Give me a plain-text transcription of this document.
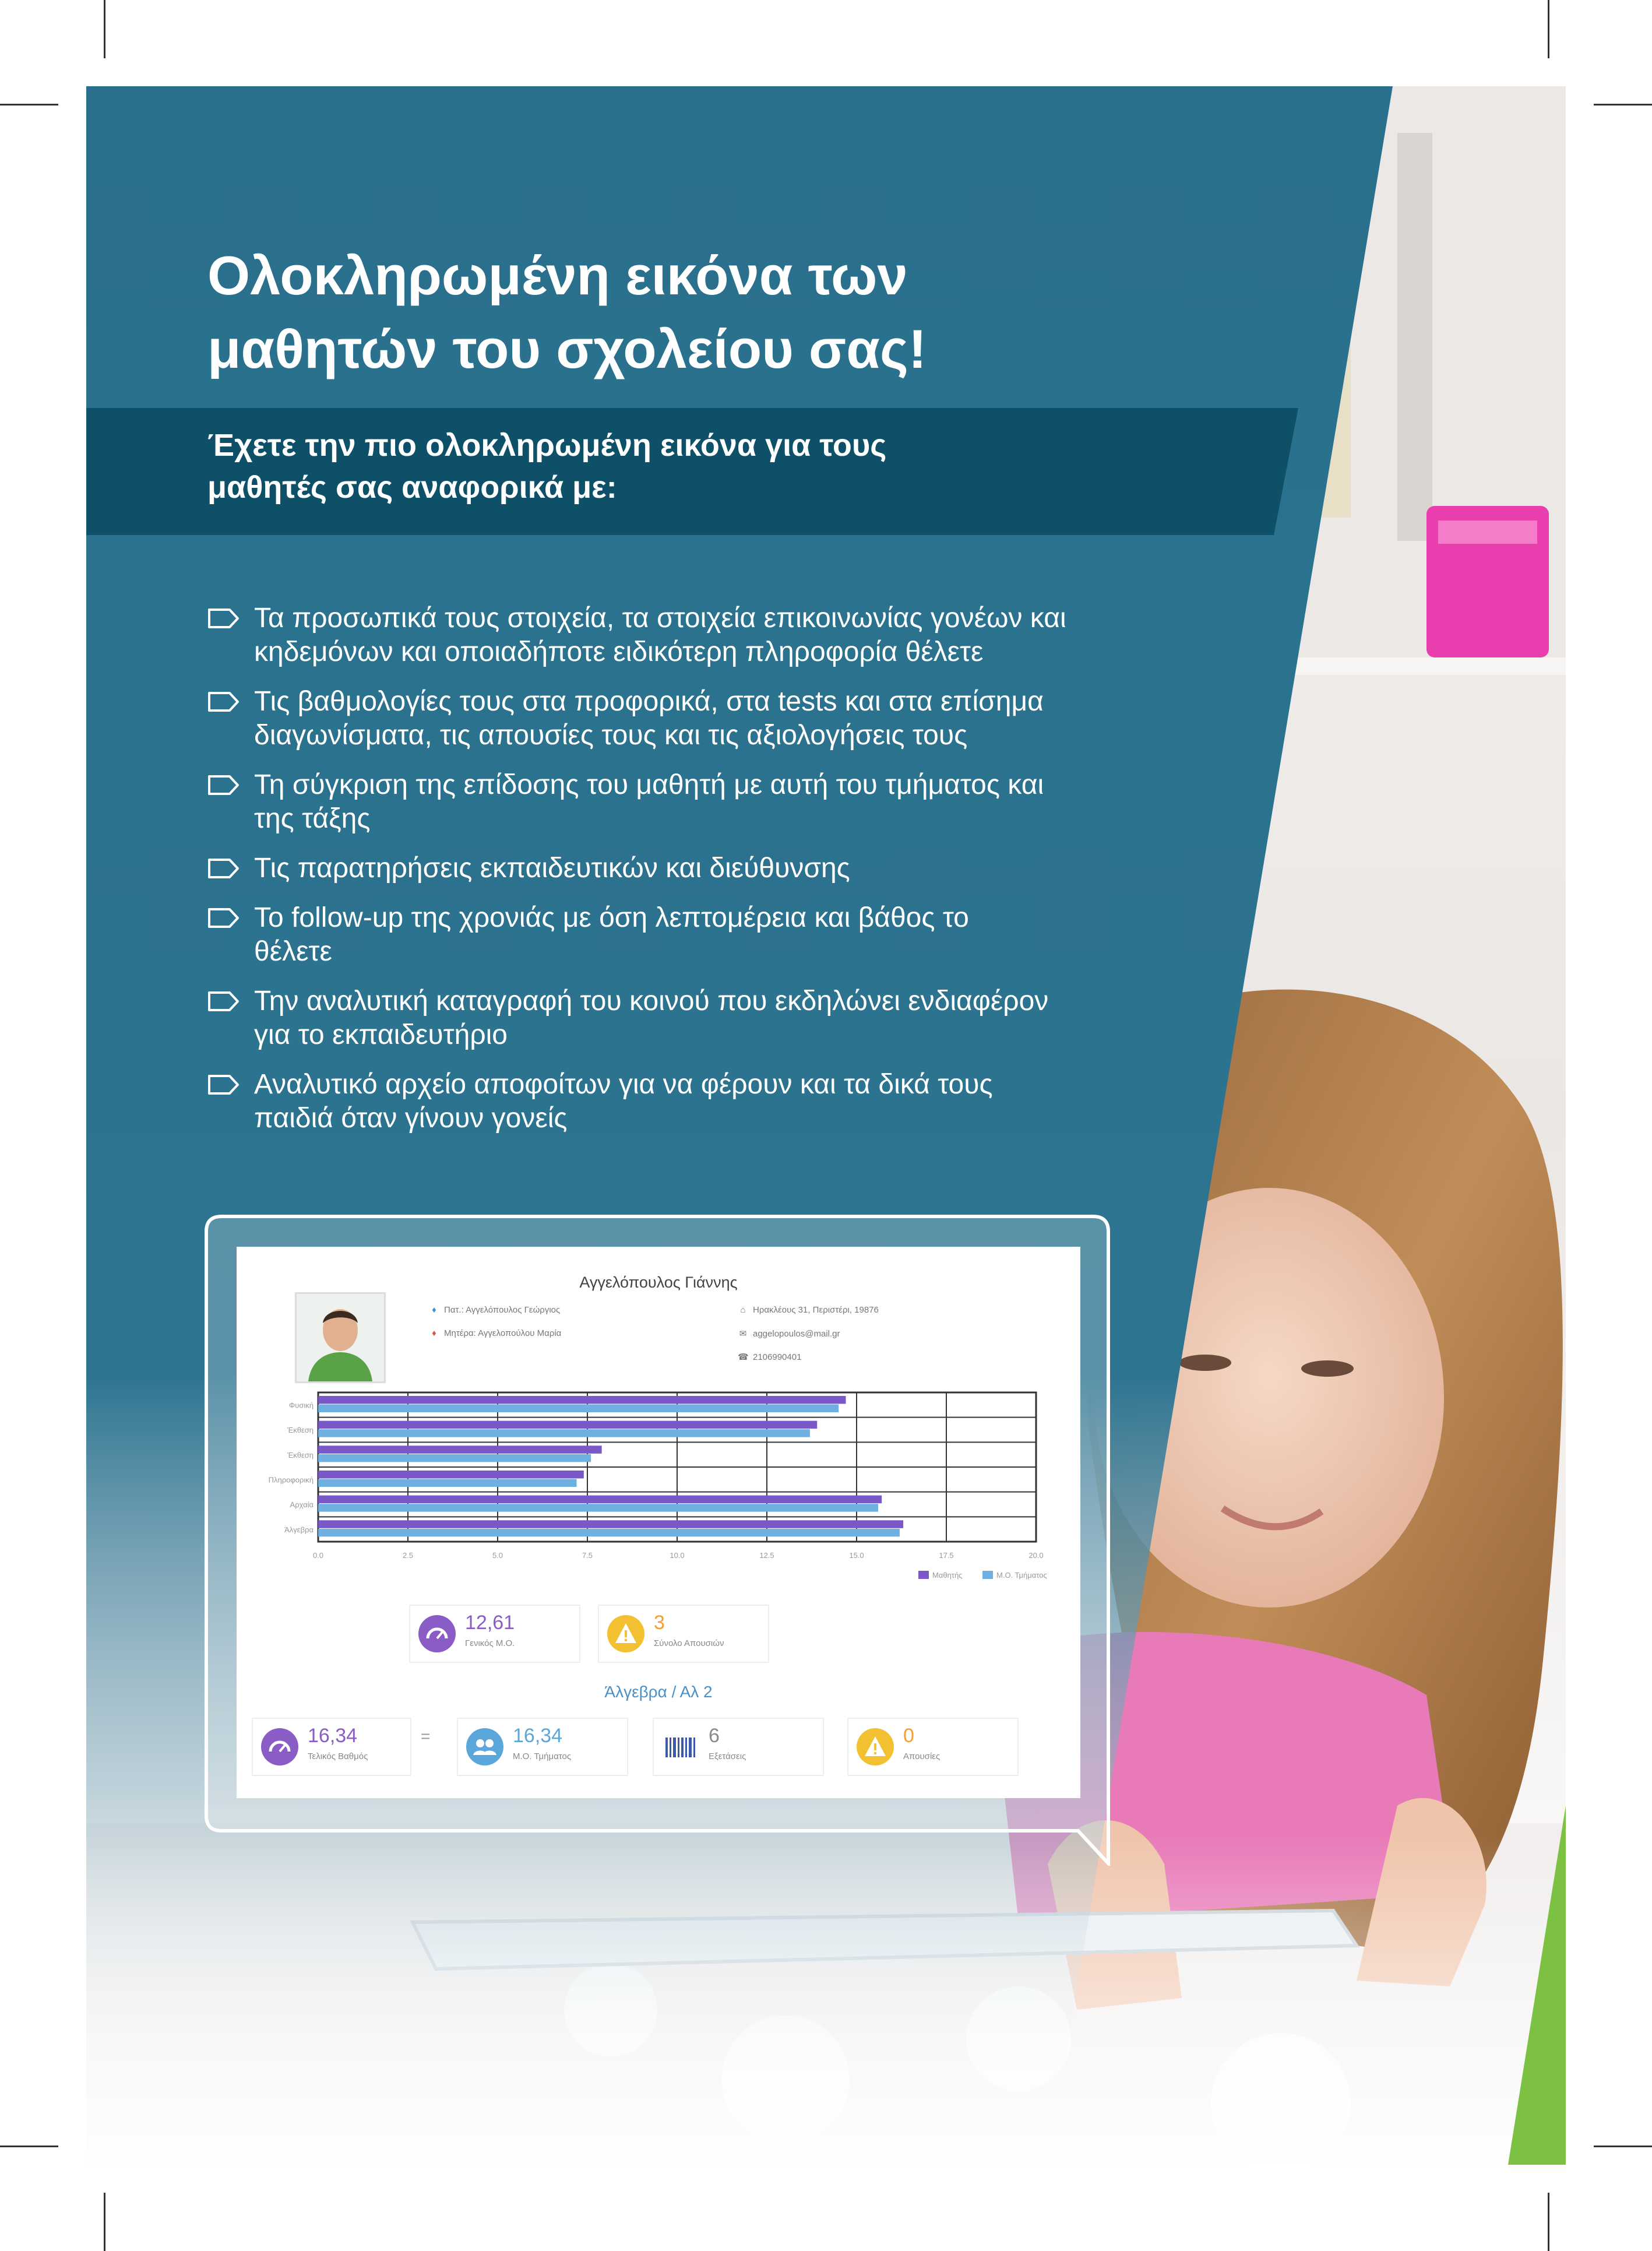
Ολοκληρωμένη εικόνα των
μαθητών του σχολείου σας!
Έχετε την πιο ολοκληρωμένη εικόνα για τους
μαθητές σας αναφορικά με:
Τα προσωπικά τους στοιχεία, τα στοιχεία επικοινωνίας γονέων και
κηδεμόνων και οποιαδήποτε ειδικότερη πληροφορία θέλετε
Τις βαθμολογίες τους στα προφορικά, στα tests και στα επίσημα
διαγωνίσματα, τις απουσίες τους και τις αξιολογήσεις τους
Τη σύγκριση της επίδοσης του μαθητή με αυτή του τμήματος και
της τάξης
Τις παρατηρήσεις εκπαιδευτικών και διεύθυνσης
Το follow-up της χρονιάς με όση λεπτομέρεια και βάθος το
θέλετε
Την αναλυτική καταγραφή του κοινού που εκδηλώνει ενδιαφέρον
για το εκπαιδευτήριο
Αναλυτικό αρχείο αποφοίτων για να φέρουν και τα δικά τους
παιδιά όταν γίνουν γονείς
Αγγελόπουλος Γιάννης
♦ Πατ.: Αγγελόπουλος Γεώργιος
♦ Μητέρα: Αγγελοπούλου Μαρία
⌂ Ηρακλέους 31, Περιστέρι, 19876
✉ aggelopoulos@mail.gr
☎ 2106990401
0.0	2.5	5.0	7.5	10.0	12.5	15.0	17.5	20.0
Φυσική
Έκθεση
Έκθεση
Πληροφορική
Αρχαία
Άλγεβρα
Μαθητής	Μ.Ο. Τμήματος
12,61
Γενικός Μ.Ο.
3
Σύνολο Απουσιών
Άλγεβρα / Αλ 2
16,34
Τελικός Βαθμός
=	16,34
Μ.Ο. Τμήματος
6
Εξετάσεις
0
Απουσίες
